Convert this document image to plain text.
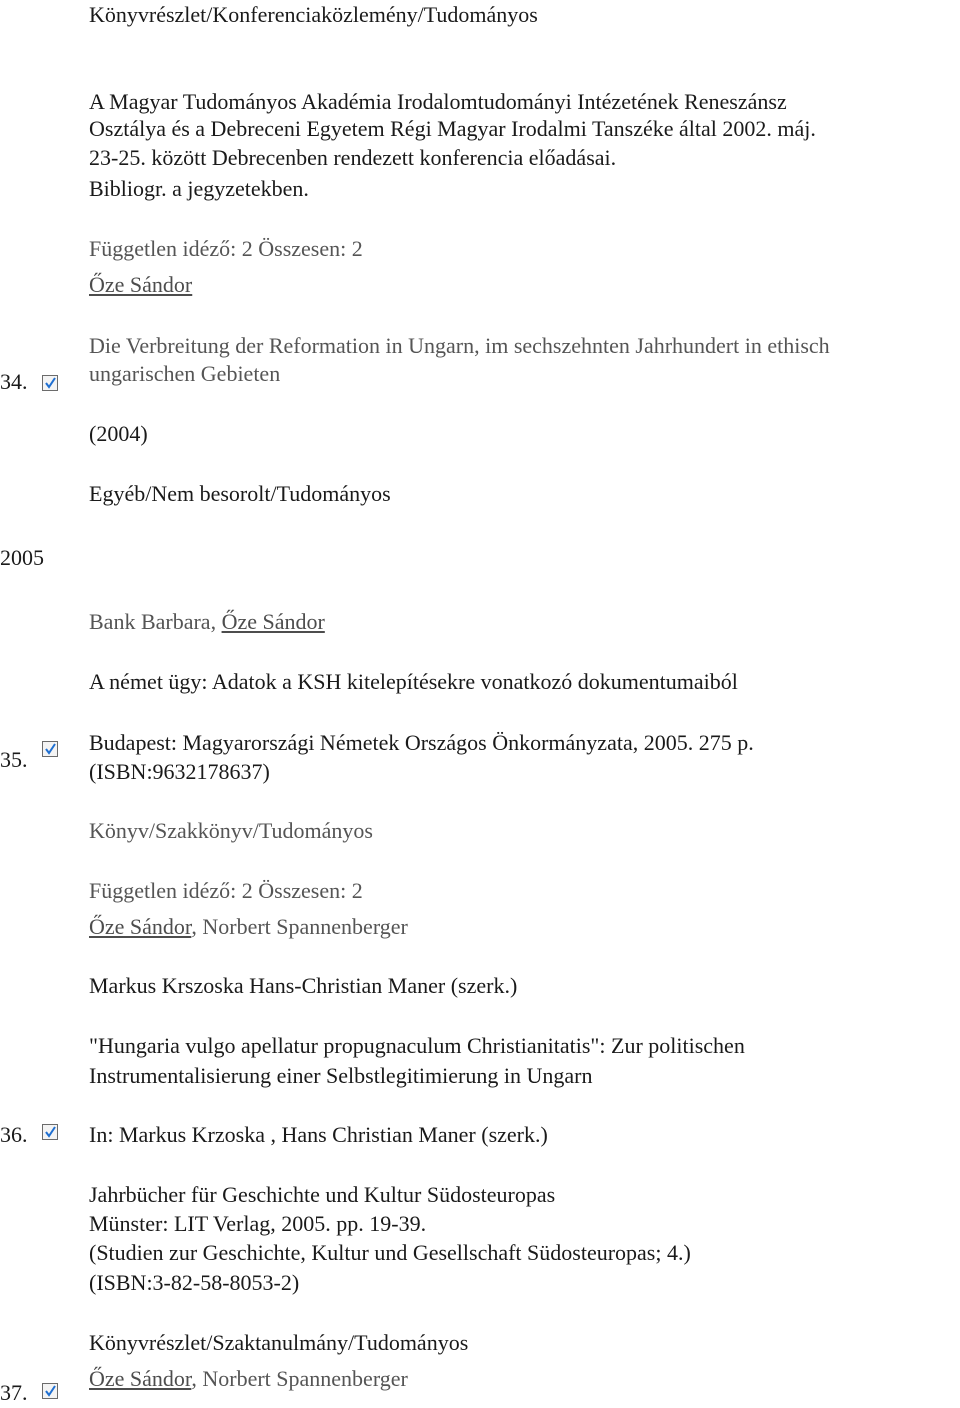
Könyvrészlet/Konferenciaközlemény/Tudományos
A Magyar Tudományos Akadémia Irodalomtudományi Intézetének Reneszánsz
Osztálya és a Debreceni Egyetem Régi Magyar Irodalmi Tanszéke által 2002. máj.
23-25. között Debrecenben rendezett konferencia előadásai.
Bibliogr. a jegyzetekben.
Független idéző: 2 Összesen: 2
Őze Sándor
34.
Die Verbreitung der Reformation in Ungarn, im sechszehnten Jahrhundert in ethisch
ungarischen Gebieten
(2004)
Egyéb/Nem besorolt/Tudományos
2005
Bank Barbara, Őze Sándor
A német ügy: Adatok a KSH kitelepítésekre vonatkozó dokumentumaiból
35.
Budapest: Magyarországi Németek Országos Önkormányzata, 2005. 275 p.
(ISBN:9632178637)
Könyv/Szakkönyv/Tudományos
Független idéző: 2 Összesen: 2
Őze Sándor, Norbert Spannenberger
Markus Krszoska Hans-Christian Maner (szerk.)
"Hungaria vulgo apellatur propugnaculum Christianitatis": Zur politischen
Instrumentalisierung einer Selbstlegitimierung in Ungarn
36.	In: Markus Krzoska , Hans Christian Maner (szerk.)
Jahrbücher für Geschichte und Kultur Südosteuropas
Münster: LIT Verlag, 2005. pp. 19-39.
(Studien zur Geschichte, Kultur und Gesellschaft Südosteuropas; 4.)
(ISBN:3-82-58-8053-2)
Könyvrészlet/Szaktanulmány/Tudományos
Őze Sándor, Norbert Spannenberger
37.
